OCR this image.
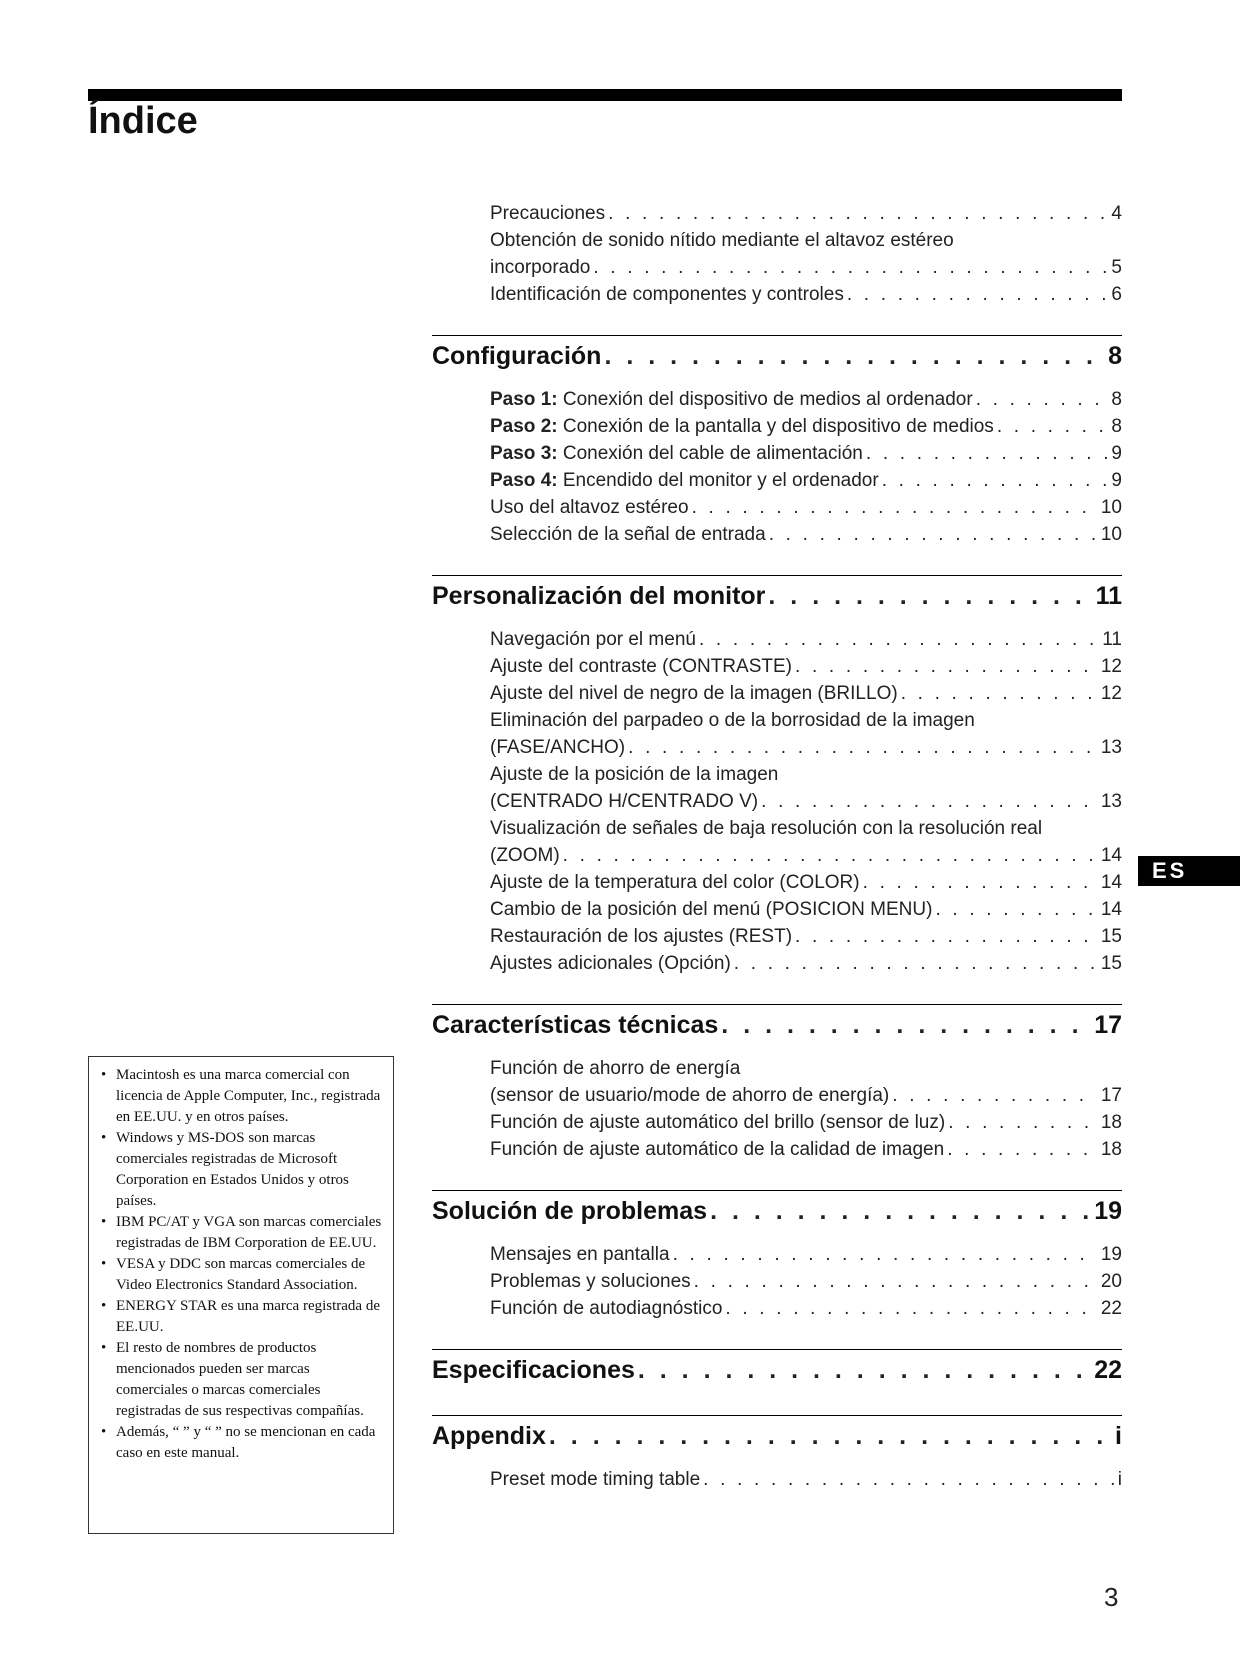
Índice
Precauciones . . .	4
Obtención de sonido nítido mediante el altavoz estéreo
incorporado . . .	5
Identificación de componentes y controles . . .	6
Configuración . . .	8
Paso 1: Conexión del dispositivo de medios al ordenador . . .	8
Paso 2: Conexión de la pantalla y del dispositivo de medios . . .	8
Paso 3: Conexión del cable de alimentación . . .	9
Paso 4: Encendido del monitor y el ordenador . . .	9
Uso del altavoz estéreo . . .	10
Selección de la señal de entrada . . .	10
Personalización del monitor . . .	11
Navegación por el menú . . .	11
Ajuste del contraste (CONTRASTE) . . .	12
Ajuste del nivel de negro de la imagen (BRILLO) . . .	12
Eliminación del parpadeo o de la borrosidad de la imagen
(FASE/ANCHO) . . .	13
Ajuste de la posición de la imagen
(CENTRADO H/CENTRADO V) . . .	13
Visualización de señales de baja resolución con la resolución real
(ZOOM) . . .	14
Ajuste de la temperatura del color (COLOR) . . .	14
Cambio de la posición del menú (POSICION MENU) . . .	14
Restauración de los ajustes (REST) . . .	15
Ajustes adicionales (Opción) . . .	15
Características técnicas . . .	17
Función de ahorro de energía
(sensor de usuario/mode de ahorro de energía) . . .	17
Función de ajuste automático del brillo (sensor de luz) . . .	18
Función de ajuste automático de la calidad de imagen . . .	18
Solución de problemas . . .	19
Mensajes en pantalla . . .	19
Problemas y soluciones . . .	20
Función de autodiagnóstico . . .	22
Especificaciones . . .	22
Appendix . . .	i
Preset mode timing table . . .	i
• Macintosh es una marca comercial con licencia de Apple Computer, Inc., registrada en EE.UU. y en otros países.
• Windows y MS-DOS son marcas comerciales registradas de Microsoft Corporation en Estados Unidos y otros países.
• IBM PC/AT y VGA son marcas comerciales registradas de IBM Corporation de EE.UU.
• VESA y DDC son marcas comerciales de Video Electronics Standard Association.
• ENERGY STAR es una marca registrada de EE.UU.
• El resto de nombres de productos mencionados pueden ser marcas comerciales o marcas comerciales registradas de sus respectivas compañías.
• Además, “ ” y “ ” no se mencionan en cada caso en este manual.
ES
3
